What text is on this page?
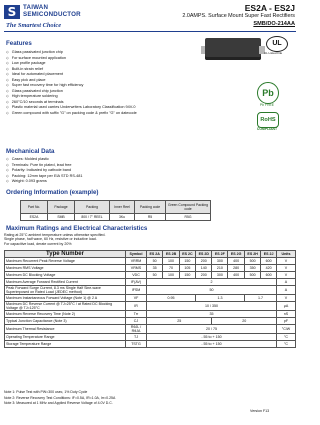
S	TAIWAN
SEMICONDUCTOR
The Smartest Choice
ES2A - ES2J
2.0AMPS. Surface Mount Super Fast Rectifiers
SMB/DO-214AA
Features
◇ Glass passivated junction chip
◇ For surface mounted application
◇ Low profile package
◇ Built-in strain relief
◇ Ideal for automated placement
◇ Easy pick and place
◇ Super fast recovery time for high efficiency
◇ Glass passivated chip junction
◇ High temperature soldering
◇ 260°C/10 seconds at terminals
◇ Plastic material used carries Underwriters Laboratory Classification 94V-0
◇ Green compound with suffix "G" on packing code & prefix "G" on datecode
UL
UL Listed File
Pb
Pb FREE
RoHS
COMPLIANT
Mechanical Data
◇ Cases: Molded plastic
◇ Terminals: Pure tin plated, lead free
◇ Polarity: Indicated by cathode band
◇ Packing: 12mm tape per EIA STD RS-481
◇ Weight: 0.093 grams
Ordering Information (example)
Part No.	Package	Packing	Inner Reel	Packing code	Green Compound Packing code
ES2A	SMB	800 / 7" REEL	3Ku	R5	R5G
Maximum Ratings and Electrical Characteristics
Rating at 25°C ambient temperature unless otherwise specified.
Single phase, half wave, 60 Hz, resistive or inductive load.
For capacitive load, derate current by 20%
Type Number	Symbol	ES 2A	ES 2B	ES 2C	ES 2D	ES 2F	ES 2G	ES 2H	ES 2J	Units
Maximum Recurrent Peak Reverse Voltage	VRRM	50	100	150	200	300	400	500	600	V
Maximum RMS Voltage	VRMS	35	70	105	140	210	280	350	420	V
Maximum DC Blocking Voltage	VDC	50	100	150	200	300	400	500	600	V
Maximum Average Forward Rectified Current	IF(AV)	2								A
Peak Forward Surge Current, 8.3 ms Single Half Sine-wave Superimposed on Rated Load (JEDEC method)	IFSM	50								A
Maximum Instantaneous Forward Voltage (Note 1) @ 2 A	VF	0.95			1.3			1.7		V
Maximum DC Reverse Current @ TJ=25°C / at Rated DC Blocking Voltage @ TJ=125°C	IR	10 / 350								μA
Maximum Reverse Recovery Time (Note 2)	Trr	35								nS
Typical Junction Capacitance (Note 3)	CJ	25				20				pF
Maximum Thermal Resistance	RθJL / RθJA	20 / 75								°C/W
Operating Temperature Range	TJ	- 55 to + 150								°C
Storage Temperature Range	TSTG	- 55 to + 150								°C
Note 1: Pulse Test with PW=300 usec, 1% Duty Cycle
Note 2: Reverse Recovery Test Conditions: IF=0.5A, IR=1.0A, Irr=0.25A
Note 3: Measured at 1 MHz and Applied Reverse Voltage of 4.0V D.C.
Version F13
